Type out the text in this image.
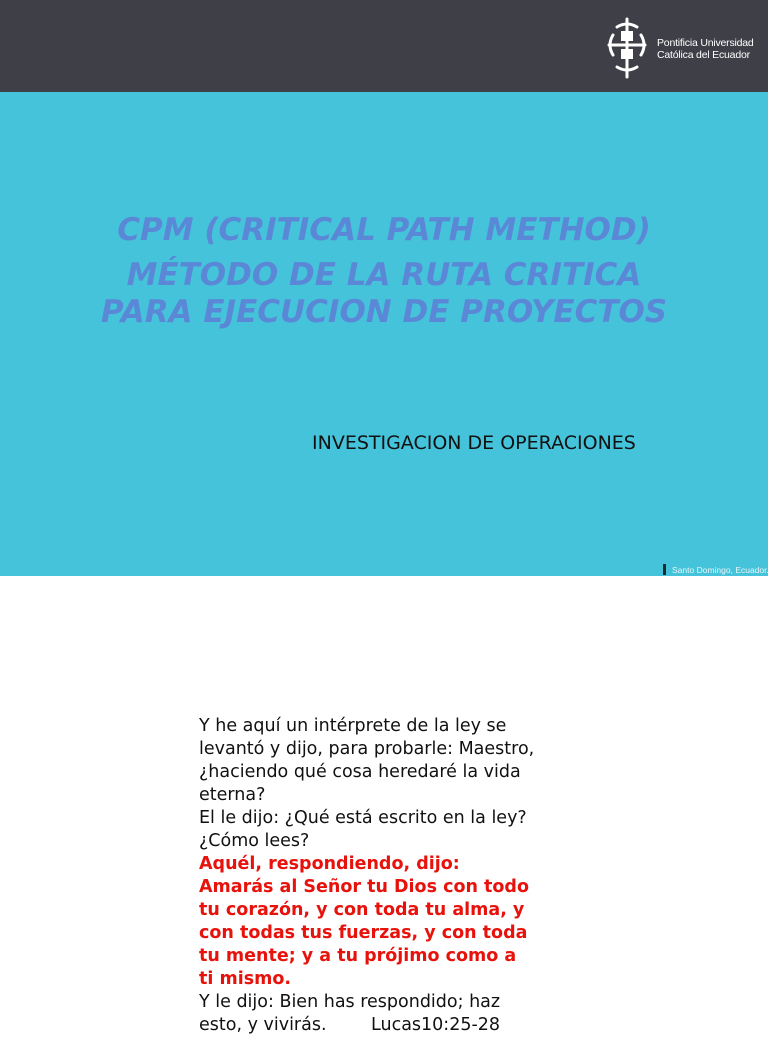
Pontificia Universidad
Católica del Ecuador
CPM (CRITICAL PATH METHOD)
MÉTODO DE LA RUTA CRITICA
PARA EJECUCION DE PROYECTOS
INVESTIGACION DE OPERACIONES
Santo Domingo, Ecuador.
Y he aquí un intérprete de la ley se
levantó y dijo, para probarle: Maestro,
¿haciendo qué cosa heredaré la vida
eterna?
El le dijo: ¿Qué está escrito en la ley?
¿Cómo lees?
Aquél, respondiendo, dijo:
Amarás al Señor tu Dios con todo
tu corazón, y con toda tu alma, y
con todas tus fuerzas, y con toda
tu mente; y a tu prójimo como a
ti mismo.
Y le dijo: Bien has respondido; haz
esto, y vivirás.        Lucas10:25-28
